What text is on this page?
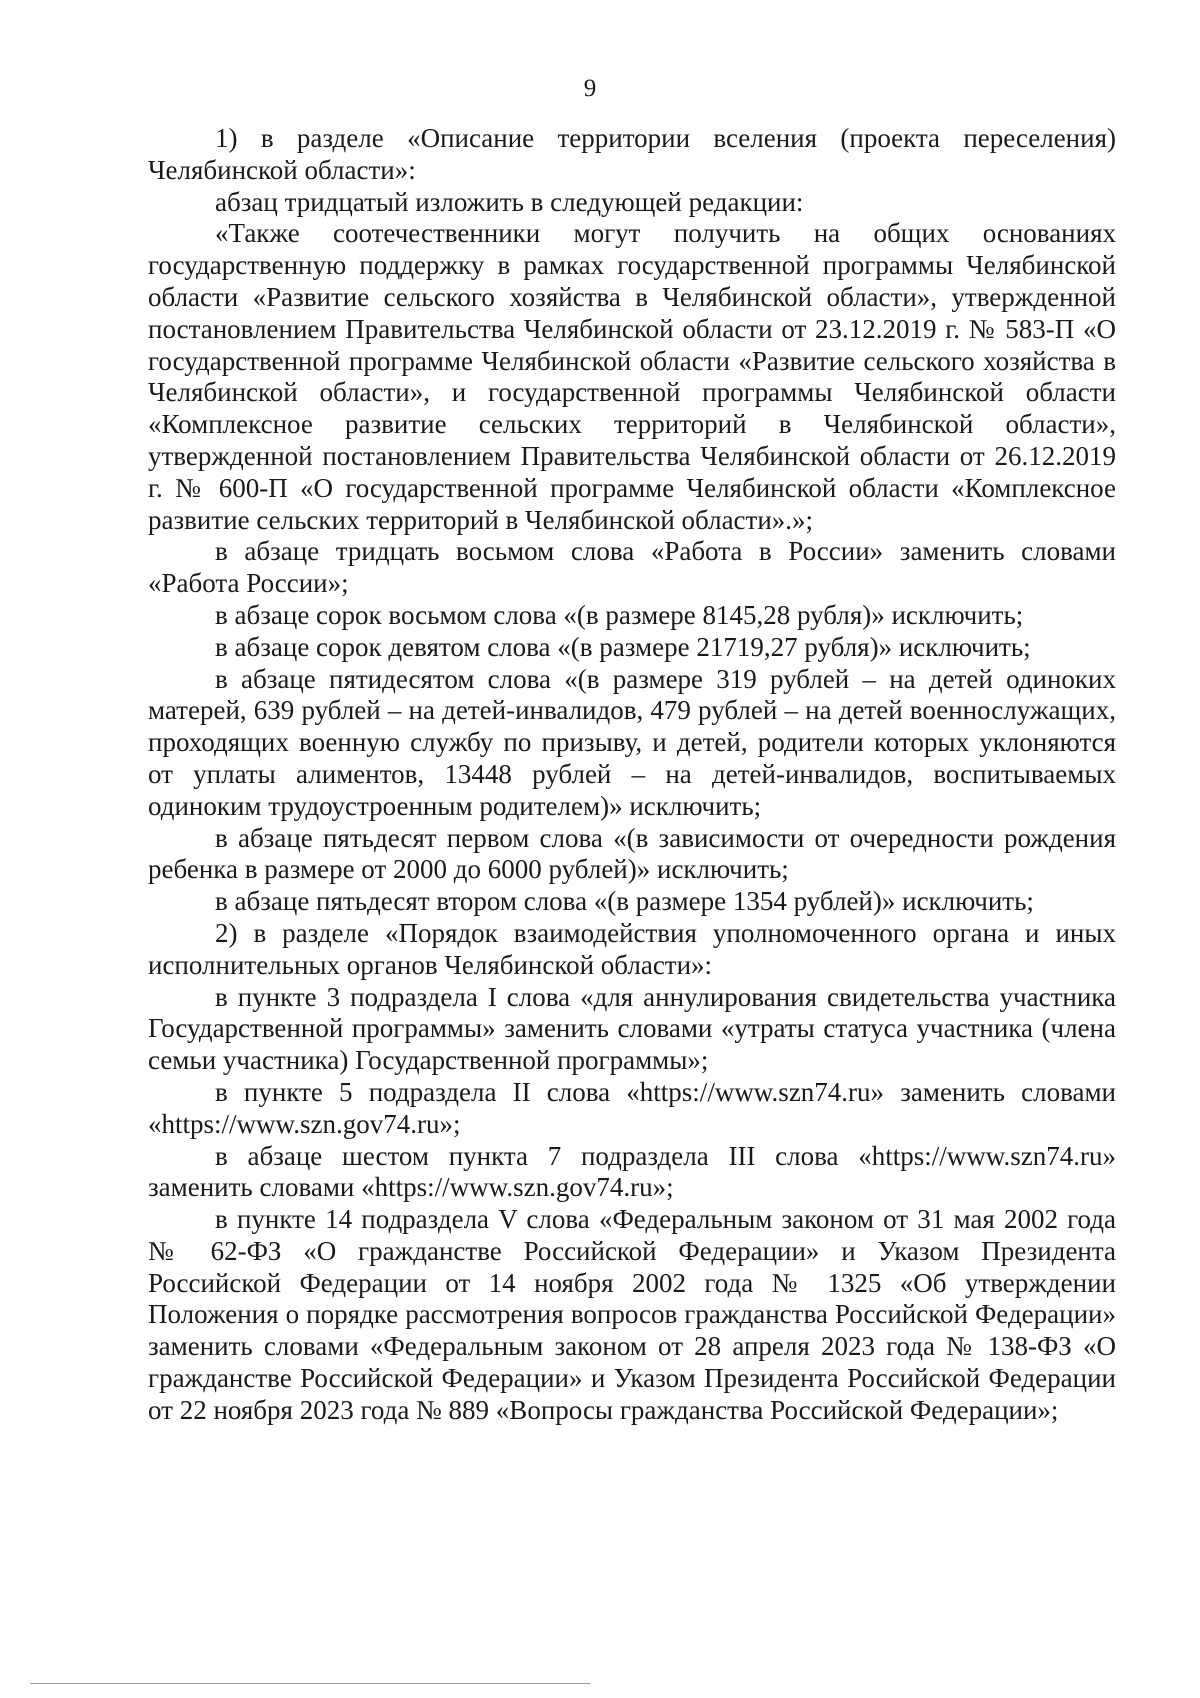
9

1) в разделе «Описание территории вселения (проекта переселения) Челябинской области»:

абзац тридцатый изложить в следующей редакции:

«Также соотечественники могут получить на общих основаниях государственную поддержку в рамках государственной программы Челябинской области «Развитие сельского хозяйства в Челябинской области», утвержденной постановлением Правительства Челябинской области от 23.12.2019 г. № 583-П «О государственной программе Челябинской области «Развитие сельского хозяйства в Челябинской области», и государственной программы Челябинской области «Комплексное развитие сельских территорий в Челябинской области», утвержденной постановлением Правительства Челябинской области от 26.12.2019 г. № 600-П «О государственной программе Челябинской области «Комплексное развитие сельских территорий в Челябинской области».»;

в абзаце тридцать восьмом слова «Работа в России» заменить словами «Работа России»;

в абзаце сорок восьмом слова «(в размере 8145,28 рубля)» исключить;

в абзаце сорок девятом слова «(в размере 21719,27 рубля)» исключить;

в абзаце пятидесятом слова «(в размере 319 рублей – на детей одиноких матерей, 639 рублей – на детей-инвалидов, 479 рублей – на детей военнослужащих, проходящих военную службу по призыву, и детей, родители которых уклоняются от уплаты алиментов, 13448 рублей – на детей-инвалидов, воспитываемых одиноким трудоустроенным родителем)» исключить;

в абзаце пятьдесят первом слова «(в зависимости от очередности рождения ребенка в размере от 2000 до 6000 рублей)» исключить;

в абзаце пятьдесят втором слова «(в размере 1354 рублей)» исключить;

2) в разделе «Порядок взаимодействия уполномоченного органа и иных исполнительных органов Челябинской области»:

в пункте 3 подраздела I слова «для аннулирования свидетельства участника Государственной программы» заменить словами «утраты статуса участника (члена семьи участника) Государственной программы»;

в пункте 5 подраздела II слова «https://www.szn74.ru» заменить словами «https://www.szn.gov74.ru»;

в абзаце шестом пункта 7 подраздела III слова «https://www.szn74.ru» заменить словами «https://www.szn.gov74.ru»;

в пункте 14 подраздела V слова «Федеральным законом от 31 мая 2002 года № 62-ФЗ «О гражданстве Российской Федерации» и Указом Президента Российской Федерации от 14 ноября 2002 года № 1325 «Об утверждении Положения о порядке рассмотрения вопросов гражданства Российской Федерации» заменить словами «Федеральным законом от 28 апреля 2023 года № 138-ФЗ «О гражданстве Российской Федерации» и Указом Президента Российской Федерации от 22 ноября 2023 года № 889 «Вопросы гражданства Российской Федерации»;
